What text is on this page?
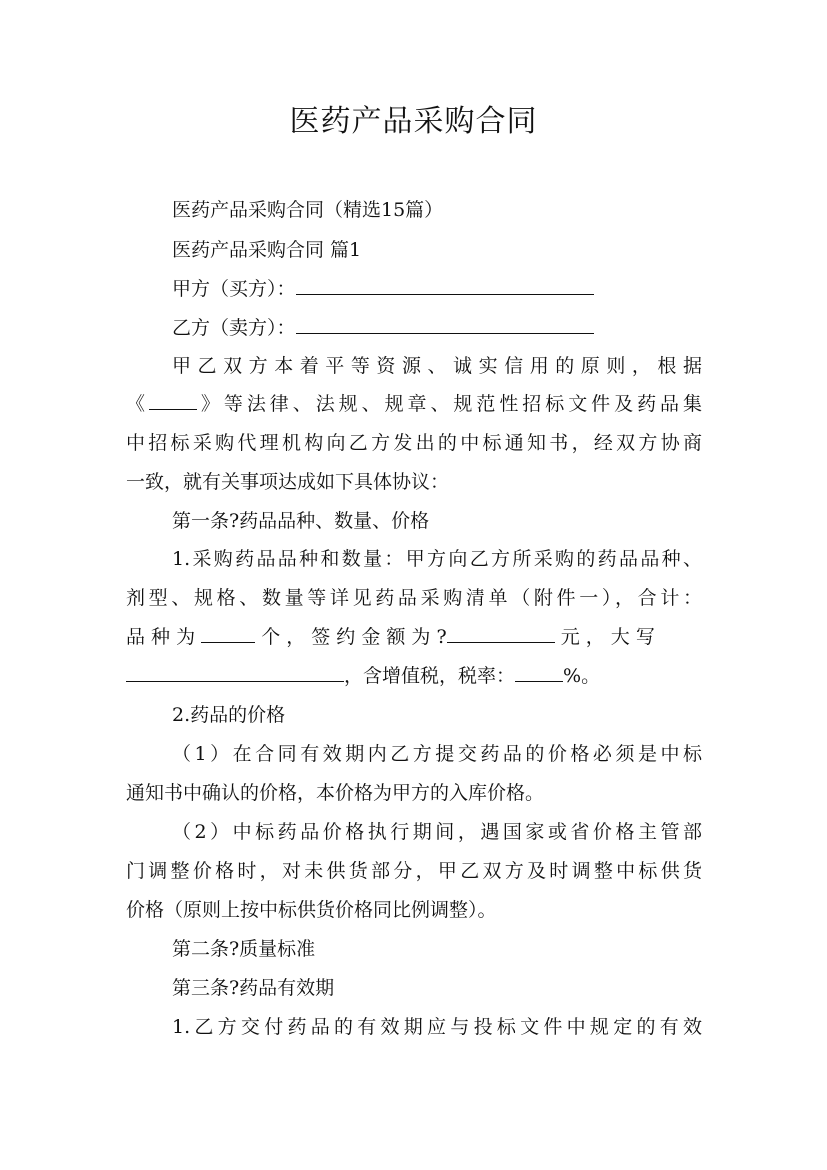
医药产品采购合同
医药产品采购合同（精选15篇）
医药产品采购合同 篇1
甲方（买方）：
乙方（卖方）：
甲乙双方本着平等资源、诚实信用的原则，根据
《	》等法律、法规、规章、规范性招标文件及药品集
中招标采购代理机构向乙方发出的中标通知书，经双方协商
一致，就有关事项达成如下具体协议：
第一条?药品品种、数量、价格
1.采购药品品种和数量：甲方向乙方所采购的药品品种、
剂型、规格、数量等详见药品采购清单（附件一），合计：
品 种 为	个 ， 签 约 金 额 为 ?	元 ， 大 写
，含增值税，税率：	%。
2.药品的价格
（1）在合同有效期内乙方提交药品的价格必须是中标
通知书中确认的价格，本价格为甲方的入库价格。
（2）中标药品价格执行期间，遇国家或省价格主管部
门调整价格时，对未供货部分，甲乙双方及时调整中标供货
价格（原则上按中标供货价格同比例调整）。
第二条?质量标准
第三条?药品有效期
1.乙方交付药品的有效期应与投标文件中规定的有效
